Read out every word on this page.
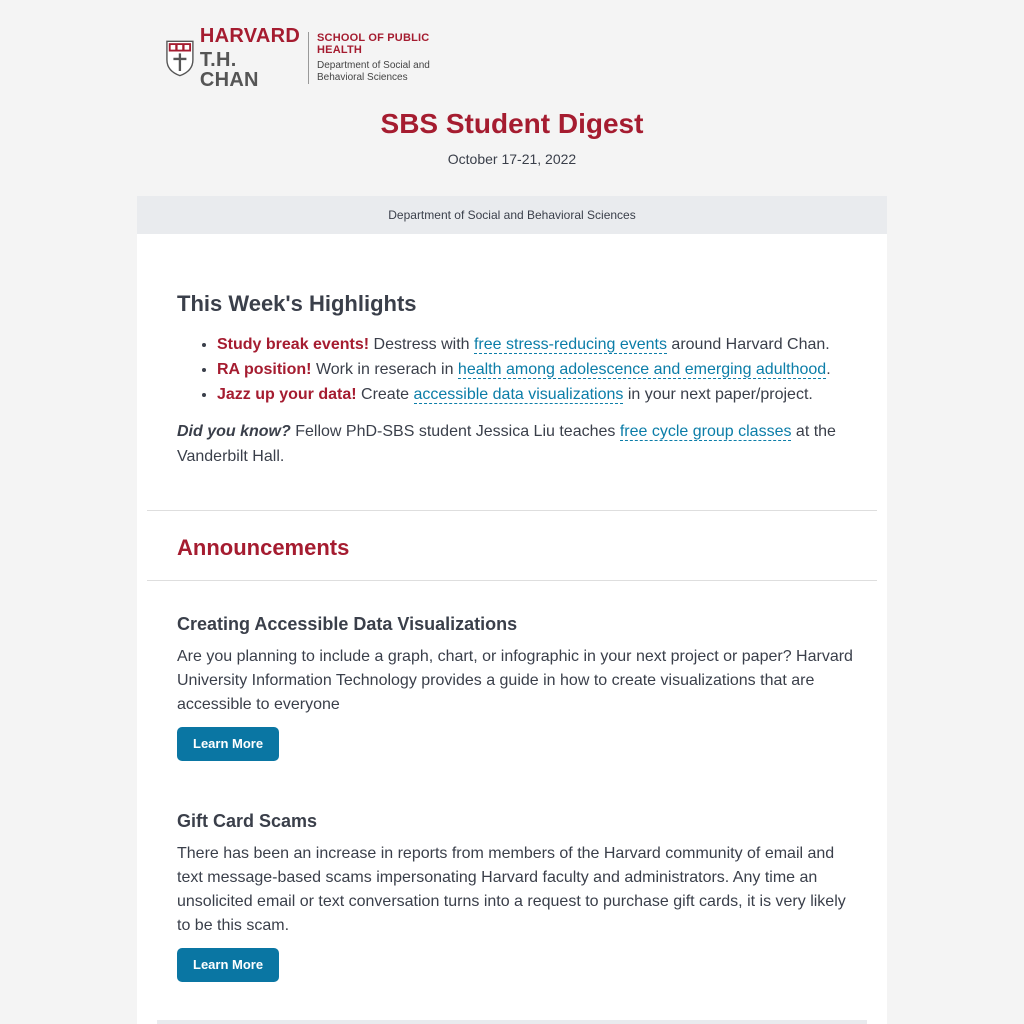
HARVARD
T.H. CHAN
SCHOOL OF PUBLIC HEALTH
Department of Social and
Behavioral Sciences
SBS Student Digest
October 17-21, 2022
Department of Social and Behavioral Sciences
This Week's Highlights
• Study break events! Destress with free stress-reducing events around Harvard Chan.
• RA position! Work in reserach in health among adolescence and emerging adulthood.
• Jazz up your data! Create accessible data visualizations in your next paper/project.
Did you know? Fellow PhD-SBS student Jessica Liu teaches free cycle group classes at the Vanderbilt Hall.
Announcements
Creating Accessible Data Visualizations
Are you planning to include a graph, chart, or infographic in your next project or paper? Harvard University Information Technology provides a guide in how to create visualizations that are accessible to everyone
Learn More
Gift Card Scams
There has been an increase in reports from members of the Harvard community of email and text message-based scams impersonating Harvard faculty and administrators. Any time an unsolicited email or text conversation turns into a request to purchase gift cards, it is very likely to be this scam.
Learn More
